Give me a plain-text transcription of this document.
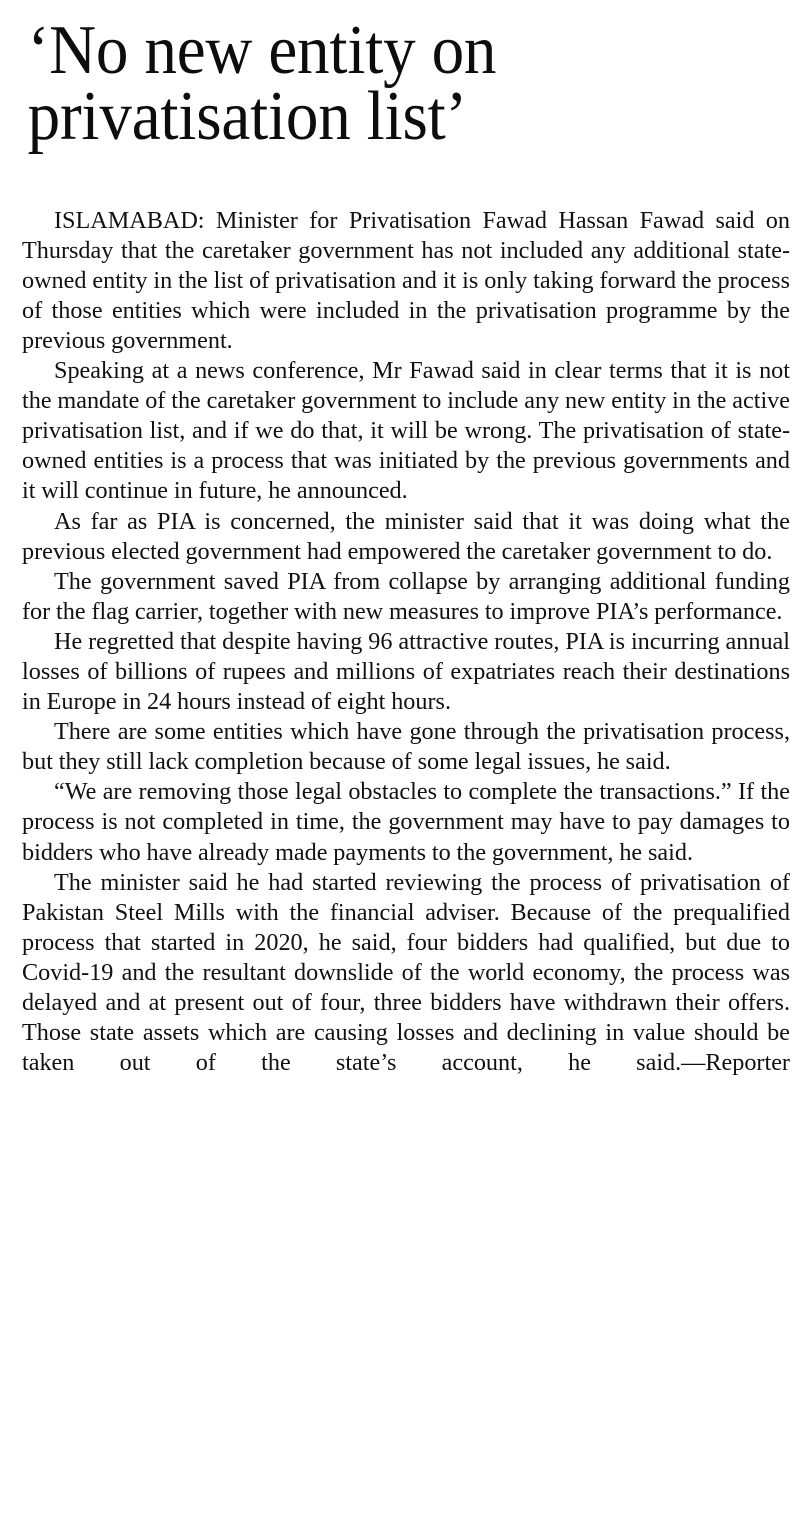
‘No new entity on privatisation list’

ISLAMABAD: Minister for Privatisation Fawad Hassan Fawad said on Thursday that the caretaker government has not included any additional state-owned entity in the list of privatisation and it is only taking forward the process of those entities which were included in the privatisation programme by the previous government.

Speaking at a news conference, Mr Fawad said in clear terms that it is not the mandate of the caretaker government to include any new entity in the active privatisation list, and if we do that, it will be wrong. The privatisation of state-owned entities is a process that was initiated by the previous governments and it will continue in future, he announced.

As far as PIA is concerned, the minister said that it was doing what the previous elected government had empowered the caretaker government to do.

The government saved PIA from collapse by arranging additional funding for the flag carrier, together with new measures to improve PIA’s performance.

He regretted that despite having 96 attractive routes, PIA is incurring annual losses of billions of rupees and millions of expatriates reach their destinations in Europe in 24 hours instead of eight hours.

There are some entities which have gone through the privatisation process, but they still lack completion because of some legal issues, he said.

“We are removing those legal obstacles to complete the transactions.” If the process is not completed in time, the government may have to pay damages to bidders who have already made payments to the government, he said.

The minister said he had started reviewing the process of privatisation of Pakistan Steel Mills with the financial adviser. Because of the prequalified process that started in 2020, he said, four bidders had qualified, but due to Covid-19 and the resultant downslide of the world economy, the process was delayed and at present out of four, three bidders have withdrawn their offers. Those state assets which are causing losses and declining in value should be taken out of the state’s account, he said.—Reporter
